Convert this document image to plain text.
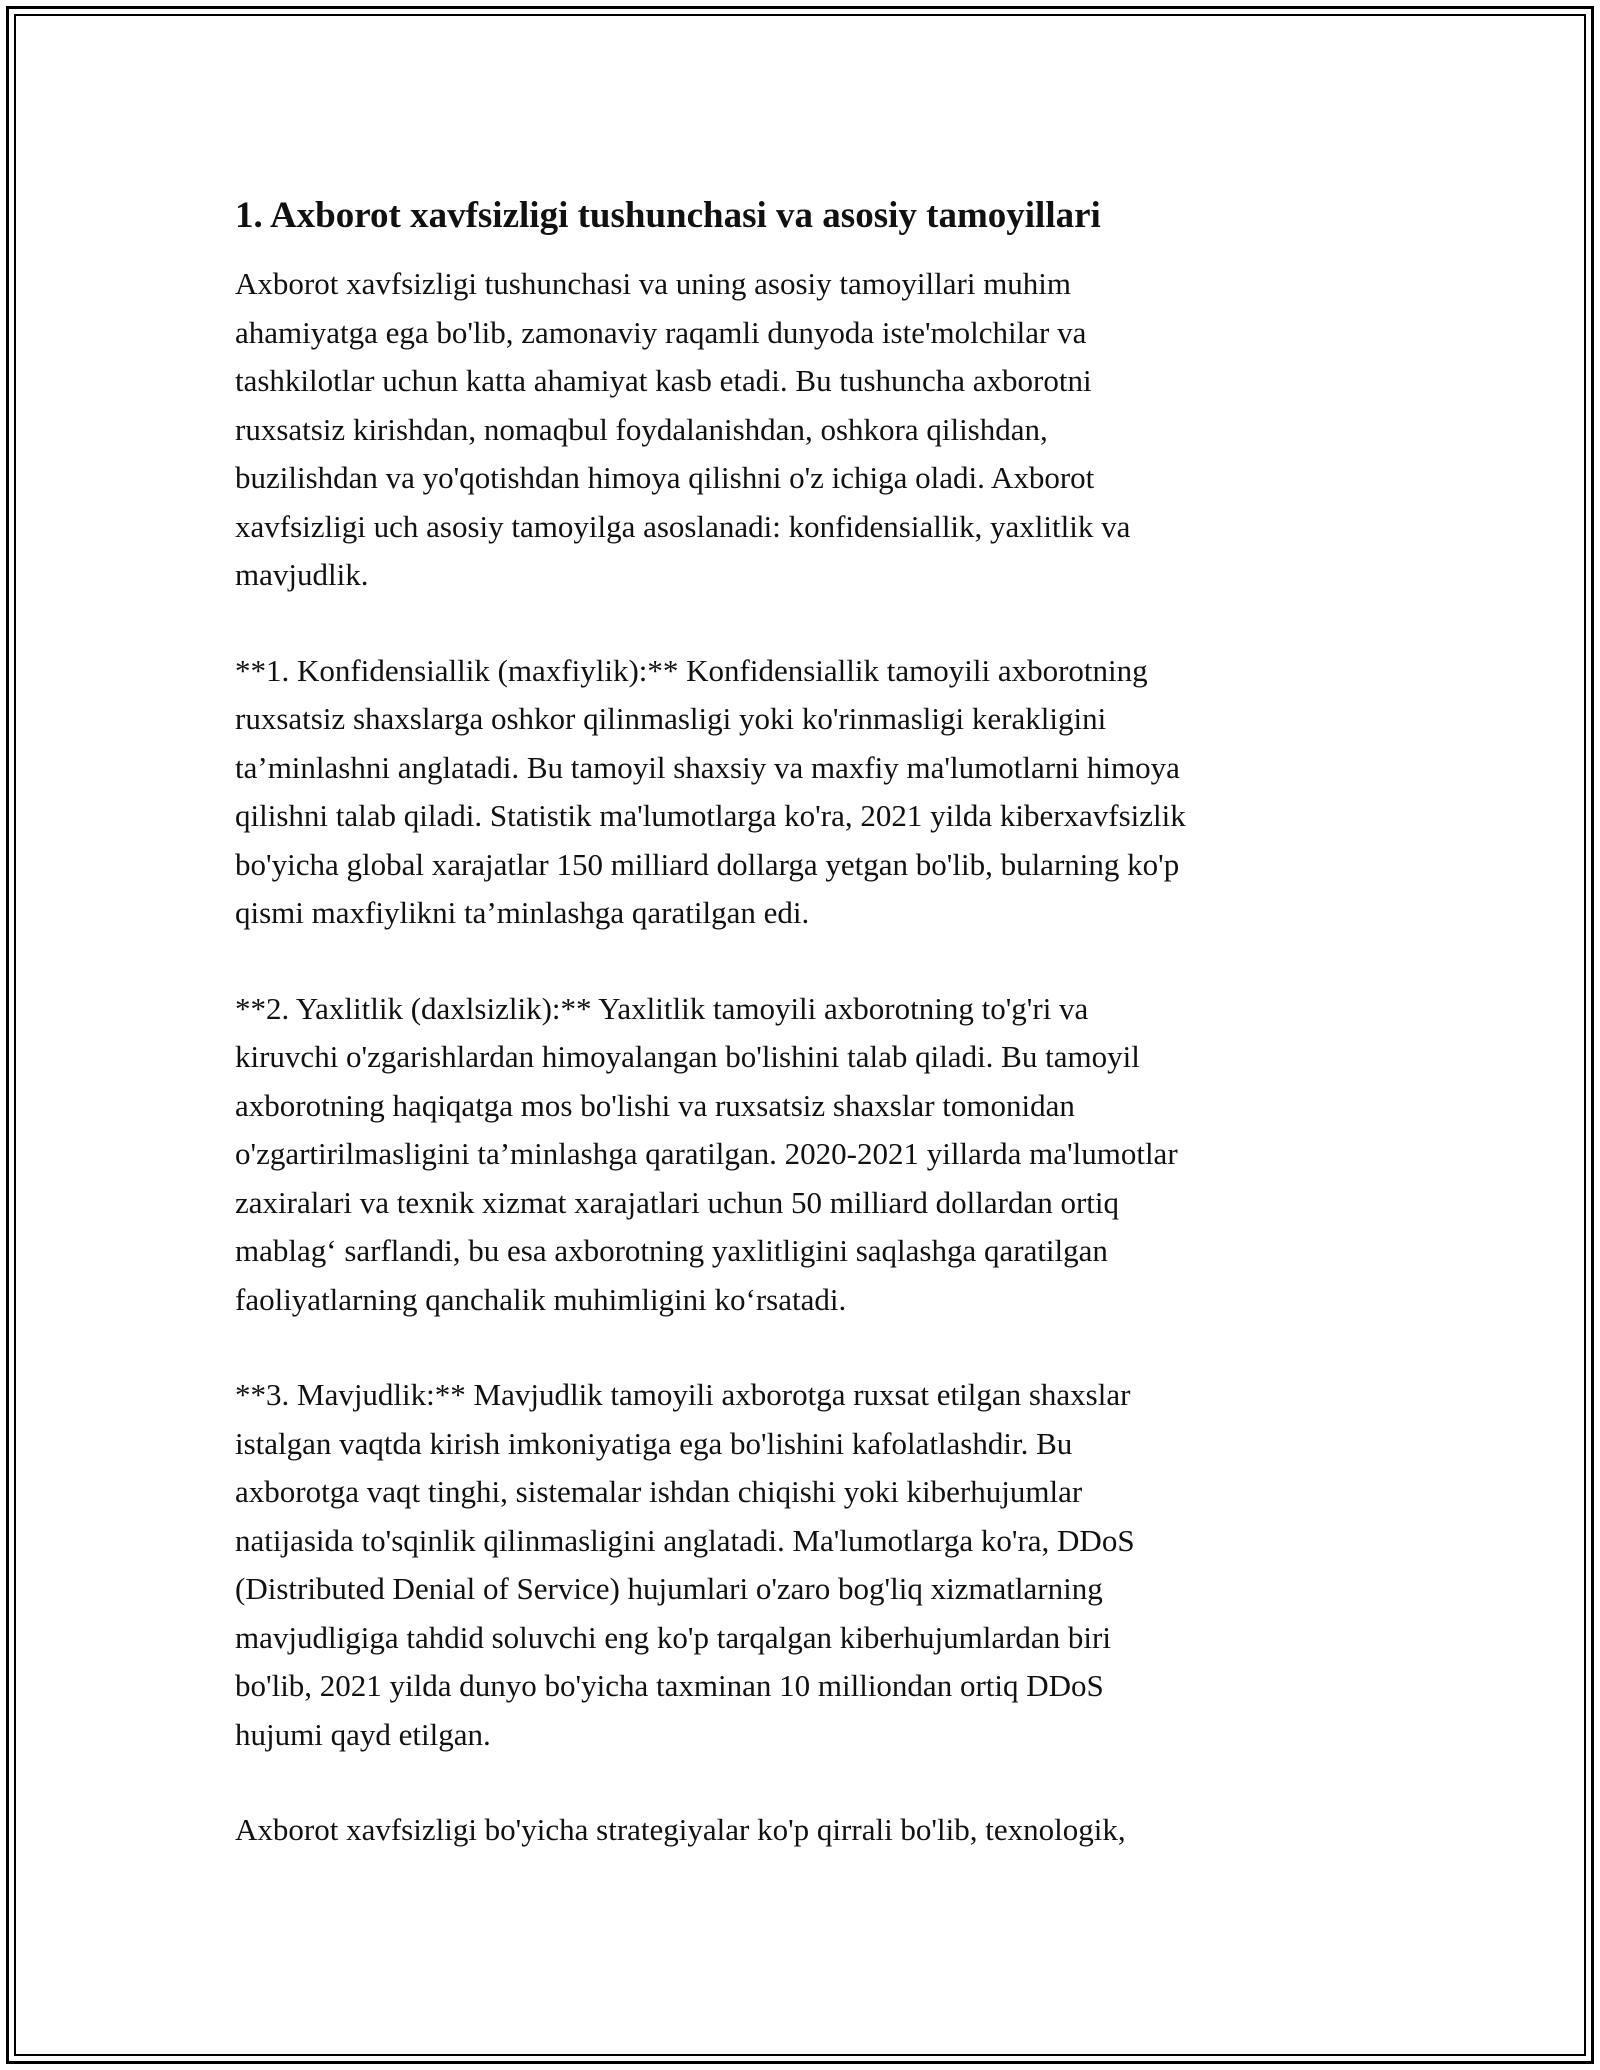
1. Axborot xavfsizligi tushunchasi va asosiy tamoyillari

Axborot xavfsizligi tushunchasi va uning asosiy tamoyillari muhim
ahamiyatga ega bo'lib, zamonaviy raqamli dunyoda iste'molchilar va
tashkilotlar uchun katta ahamiyat kasb etadi. Bu tushuncha axborotni
ruxsatsiz kirishdan, nomaqbul foydalanishdan, oshkora qilishdan,
buzilishdan va yo'qotishdan himoya qilishni o'z ichiga oladi. Axborot
xavfsizligi uch asosiy tamoyilga asoslanadi: konfidensiallik, yaxlitlik va
mavjudlik.

**1. Konfidensiallik (maxfiylik):** Konfidensiallik tamoyili axborotning
ruxsatsiz shaxslarga oshkor qilinmasligi yoki ko'rinmasligi kerakligini
ta’minlashni anglatadi. Bu tamoyil shaxsiy va maxfiy ma'lumotlarni himoya
qilishni talab qiladi. Statistik ma'lumotlarga ko'ra, 2021 yilda kiberxavfsizlik
bo'yicha global xarajatlar 150 milliard dollarga yetgan bo'lib, bularning ko'p
qismi maxfiylikni ta’minlashga qaratilgan edi.

**2. Yaxlitlik (daxlsizlik):** Yaxlitlik tamoyili axborotning to'g'ri va
kiruvchi o'zgarishlardan himoyalangan bo'lishini talab qiladi. Bu tamoyil
axborotning haqiqatga mos bo'lishi va ruxsatsiz shaxslar tomonidan
o'zgartirilmasligini ta’minlashga qaratilgan. 2020-2021 yillarda ma'lumotlar
zaxiralari va texnik xizmat xarajatlari uchun 50 milliard dollardan ortiq
mablag‘ sarflandi, bu esa axborotning yaxlitligini saqlashga qaratilgan
faoliyatlarning qanchalik muhimligini ko‘rsatadi.

**3. Mavjudlik:** Mavjudlik tamoyili axborotga ruxsat etilgan shaxslar
istalgan vaqtda kirish imkoniyatiga ega bo'lishini kafolatlashdir. Bu
axborotga vaqt tinghi, sistemalar ishdan chiqishi yoki kiberhujumlar
natijasida to'sqinlik qilinmasligini anglatadi. Ma'lumotlarga ko'ra, DDoS
(Distributed Denial of Service) hujumlari o'zaro bog'liq xizmatlarning
mavjudligiga tahdid soluvchi eng ko'p tarqalgan kiberhujumlardan biri
bo'lib, 2021 yilda dunyo bo'yicha taxminan 10 milliondan ortiq DDoS
hujumi qayd etilgan.

Axborot xavfsizligi bo'yicha strategiyalar ko'p qirrali bo'lib, texnologik,
